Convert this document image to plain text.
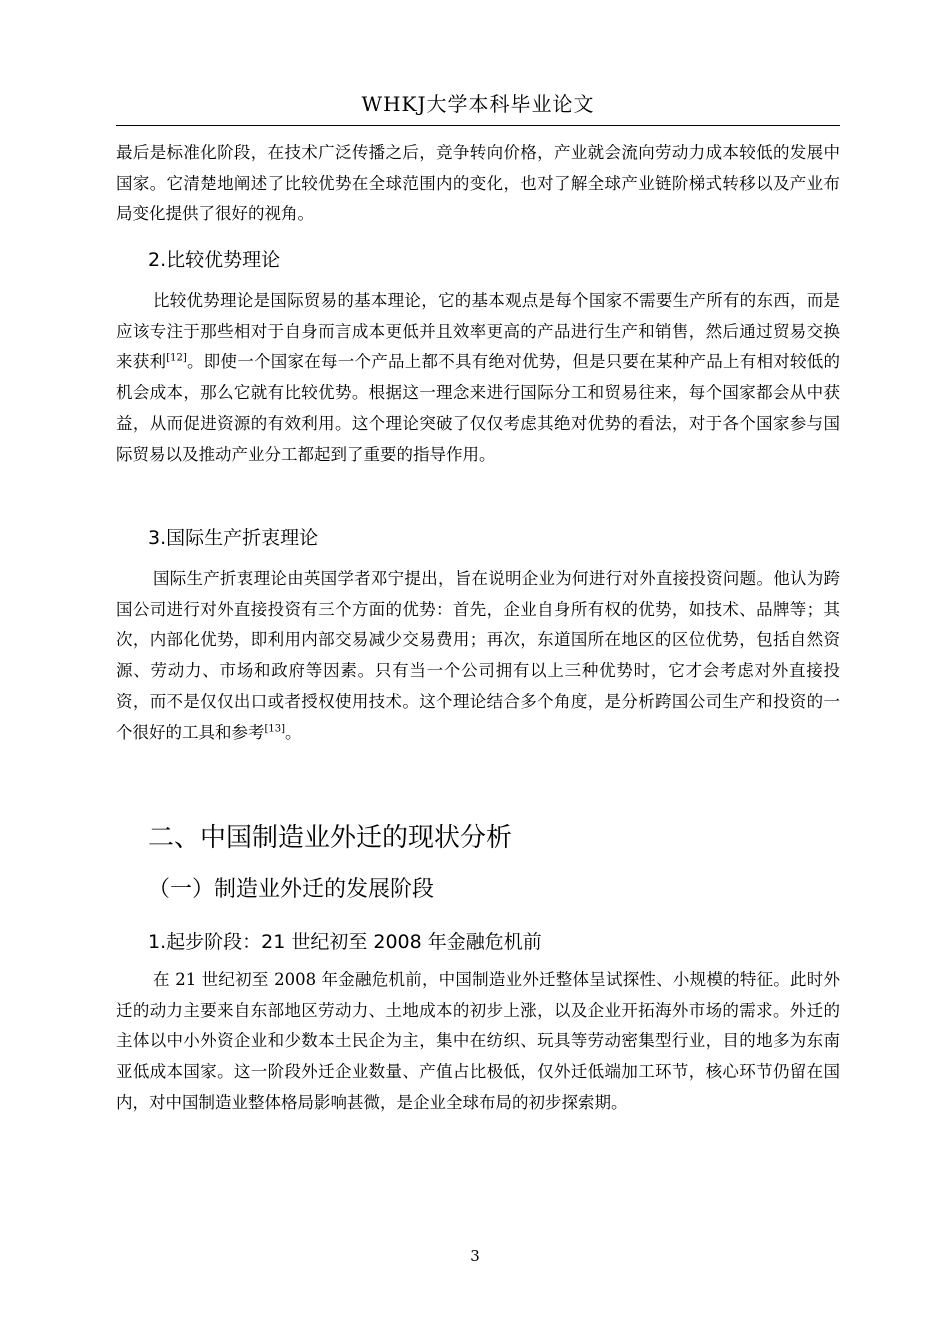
WHKJ大学本科毕业论文

最后是标准化阶段，在技术广泛传播之后，竞争转向价格，产业就会流向劳动力成本较低的发展中国家。它清楚地阐述了比较优势在全球范围内的变化，也对了解全球产业链阶梯式转移以及产业布局变化提供了很好的视角。

2.比较优势理论

比较优势理论是国际贸易的基本理论，它的基本观点是每个国家不需要生产所有的东西，而是应该专注于那些相对于自身而言成本更低并且效率更高的产品进行生产和销售，然后通过贸易交换来获利[12]。即使一个国家在每一个产品上都不具有绝对优势，但是只要在某种产品上有相对较低的机会成本，那么它就有比较优势。根据这一理念来进行国际分工和贸易往来，每个国家都会从中获益，从而促进资源的有效利用。这个理论突破了仅仅考虑其绝对优势的看法，对于各个国家参与国际贸易以及推动产业分工都起到了重要的指导作用。

3.国际生产折衷理论

国际生产折衷理论由英国学者邓宁提出，旨在说明企业为何进行对外直接投资问题。他认为跨国公司进行对外直接投资有三个方面的优势：首先，企业自身所有权的优势，如技术、品牌等；其次，内部化优势，即利用内部交易减少交易费用；再次，东道国所在地区的区位优势，包括自然资源、劳动力、市场和政府等因素。只有当一个公司拥有以上三种优势时，它才会考虑对外直接投资，而不是仅仅出口或者授权使用技术。这个理论结合多个角度，是分析跨国公司生产和投资的一个很好的工具和参考[13]。

二、中国制造业外迁的现状分析
（一）制造业外迁的发展阶段
1.起步阶段：21 世纪初至 2008 年金融危机前

在 21 世纪初至 2008 年金融危机前，中国制造业外迁整体呈试探性、小规模的特征。此时外迁的动力主要来自东部地区劳动力、土地成本的初步上涨，以及企业开拓海外市场的需求。外迁的主体以中小外资企业和少数本土民企为主，集中在纺织、玩具等劳动密集型行业，目的地多为东南亚低成本国家。这一阶段外迁企业数量、产值占比极低，仅外迁低端加工环节，核心环节仍留在国内，对中国制造业整体格局影响甚微，是企业全球布局的初步探索期。

3
